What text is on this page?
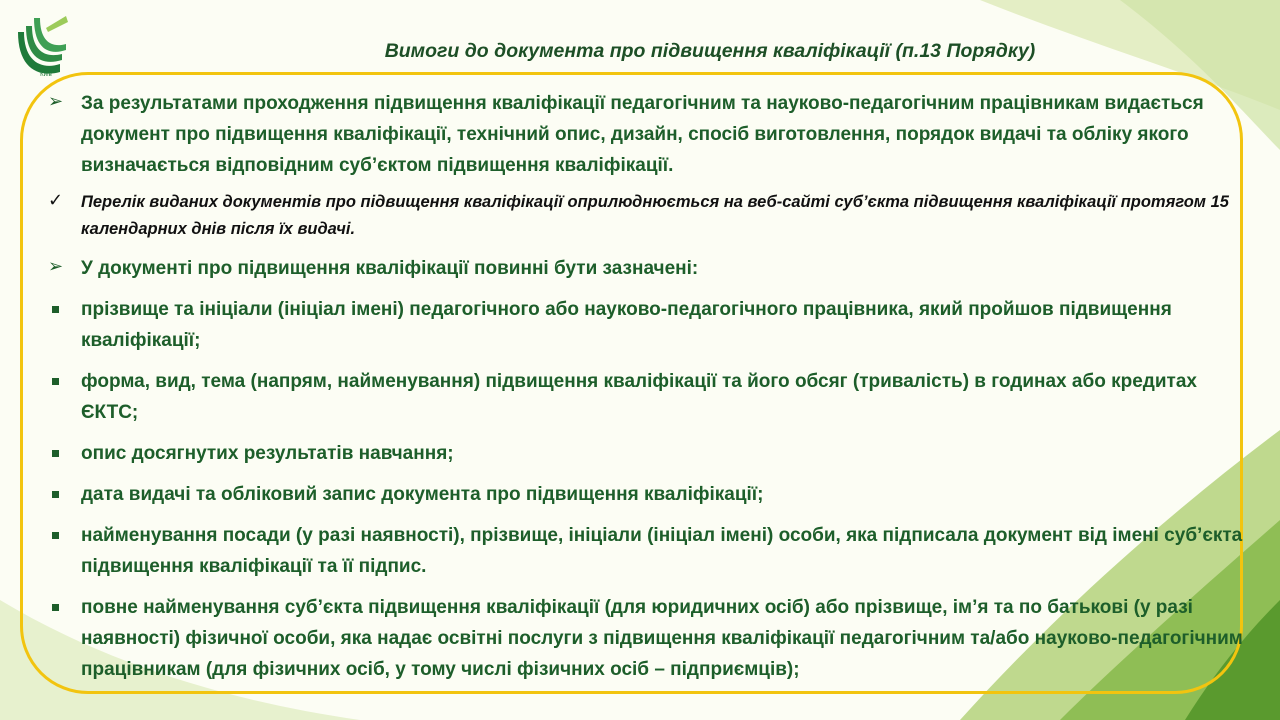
Київ
Вимоги до документа про підвищення кваліфікації (п.13 Порядку)
➢ За результатами проходження підвищення кваліфікації педагогічним та науково-педагогічним працівникам видається документ про підвищення кваліфікації, технічний опис, дизайн, спосіб виготовлення, порядок видачі та обліку якого визначається відповідним суб’єктом підвищення кваліфікації.
✓ Перелік виданих документів про підвищення кваліфікації оприлюднюється на веб-сайті суб’єкта підвищення кваліфікації протягом 15 календарних днів після їх видачі.
➢ У документі про підвищення кваліфікації повинні бути зазначені:
прізвище та ініціали (ініціал імені) педагогічного або науково-педагогічного працівника, який пройшов підвищення кваліфікації;
форма, вид, тема (напрям, найменування) підвищення кваліфікації та його обсяг (тривалість) в годинах або кредитах ЄКТС;
опис досягнутих результатів навчання;
дата видачі та обліковий запис документа про підвищення кваліфікації;
найменування посади (у разі наявності), прізвище, ініціали (ініціал імені) особи, яка підписала документ від імені суб’єкта підвищення кваліфікації та її підпис.
повне найменування суб’єкта підвищення кваліфікації (для юридичних осіб) або прізвище, ім’я та по батькові (у разі наявності) фізичної особи, яка надає освітні послуги з підвищення кваліфікації педагогічним та/або науково-педагогічним працівникам (для фізичних осіб, у тому числі фізичних осіб – підприємців);
